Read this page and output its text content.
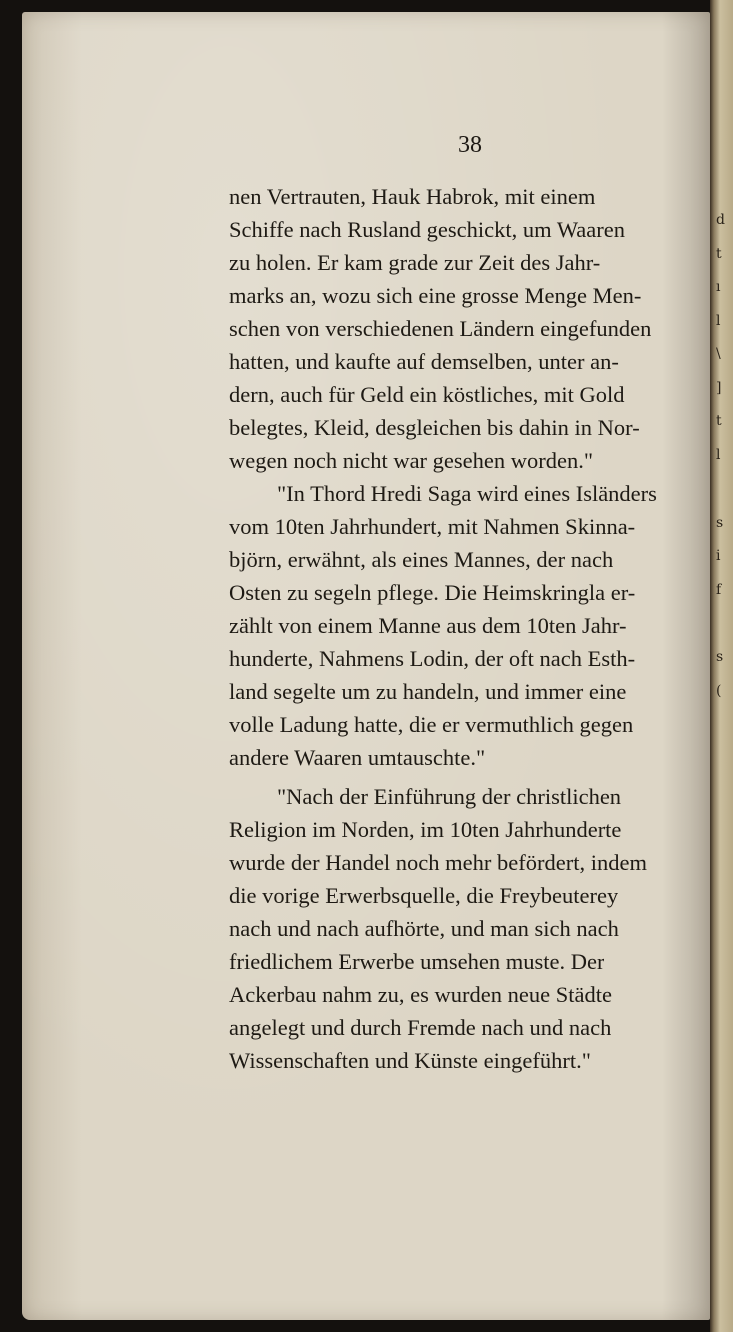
d
t
ı
l
\
]
t
l
s
i
f
s
(
38
nen Vertrauten, Hauk Habrok, mit einem
Schiffe nach Rusland geschickt, um Waaren
zu holen. Er kam grade zur Zeit des Jahr-
marks an, wozu sich eine grosse Menge Men-
schen von verschiedenen Ländern eingefunden
hatten, und kaufte auf demselben, unter an-
dern, auch für Geld ein köstliches, mit Gold
belegtes, Kleid, desgleichen bis dahin in Nor-
wegen noch nicht war gesehen worden."
"In Thord Hredi Saga wird eines Isländers
vom 10ten Jahrhundert, mit Nahmen Skinna-
björn, erwähnt, als eines Mannes, der nach
Osten zu segeln pflege. Die Heimskringla er-
zählt von einem Manne aus dem 10ten Jahr-
hunderte, Nahmens Lodin, der oft nach Esth-
land segelte um zu handeln, und immer eine
volle Ladung hatte, die er vermuthlich gegen
andere Waaren umtauschte."
"Nach der Einführung der christlichen
Religion im Norden, im 10ten Jahrhunderte
wurde der Handel noch mehr befördert, indem
die vorige Erwerbsquelle, die Freybeuterey
nach und nach aufhörte, und man sich nach
friedlichem Erwerbe umsehen muste. Der
Ackerbau nahm zu, es wurden neue Städte
angelegt und durch Fremde nach und nach
Wissenschaften und Künste eingeführt."
